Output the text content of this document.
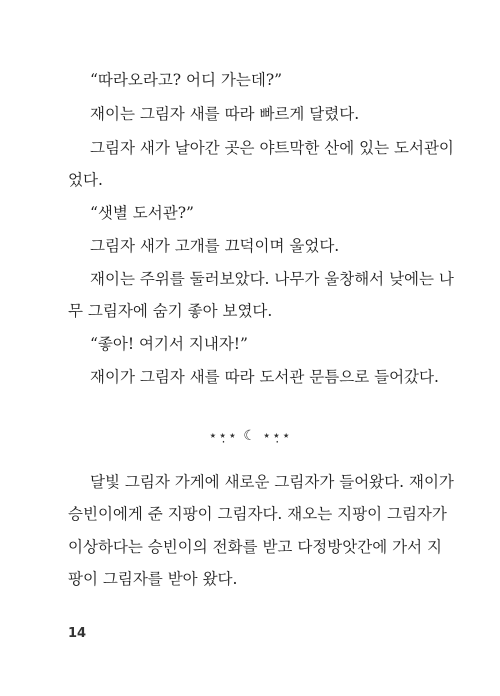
“따라오라고? 어디 가는데?”

재이는 그림자 새를 따라 빠르게 달렸다.

그림자 새가 날아간 곳은 야트막한 산에 있는 도서관이

었다.

“샛별 도서관?”

그림자 새가 고개를 끄덕이며 울었다.

재이는 주위를 둘러보았다. 나무가 울창해서 낮에는 나

무 그림자에 숨기 좋아 보였다.

“좋아! 여기서 지내자!”

재이가 그림자 새를 따라 도서관 문틈으로 들어갔다.

⋆⋆̣⋆ ☾ ⋆⋆̣⋆

달빛 그림자 가게에 새로운 그림자가 들어왔다. 재이가

승빈이에게 준 지팡이 그림자다. 재오는 지팡이 그림자가

이상하다는 승빈이의 전화를 받고 다정방앗간에 가서 지

팡이 그림자를 받아 왔다.

14
